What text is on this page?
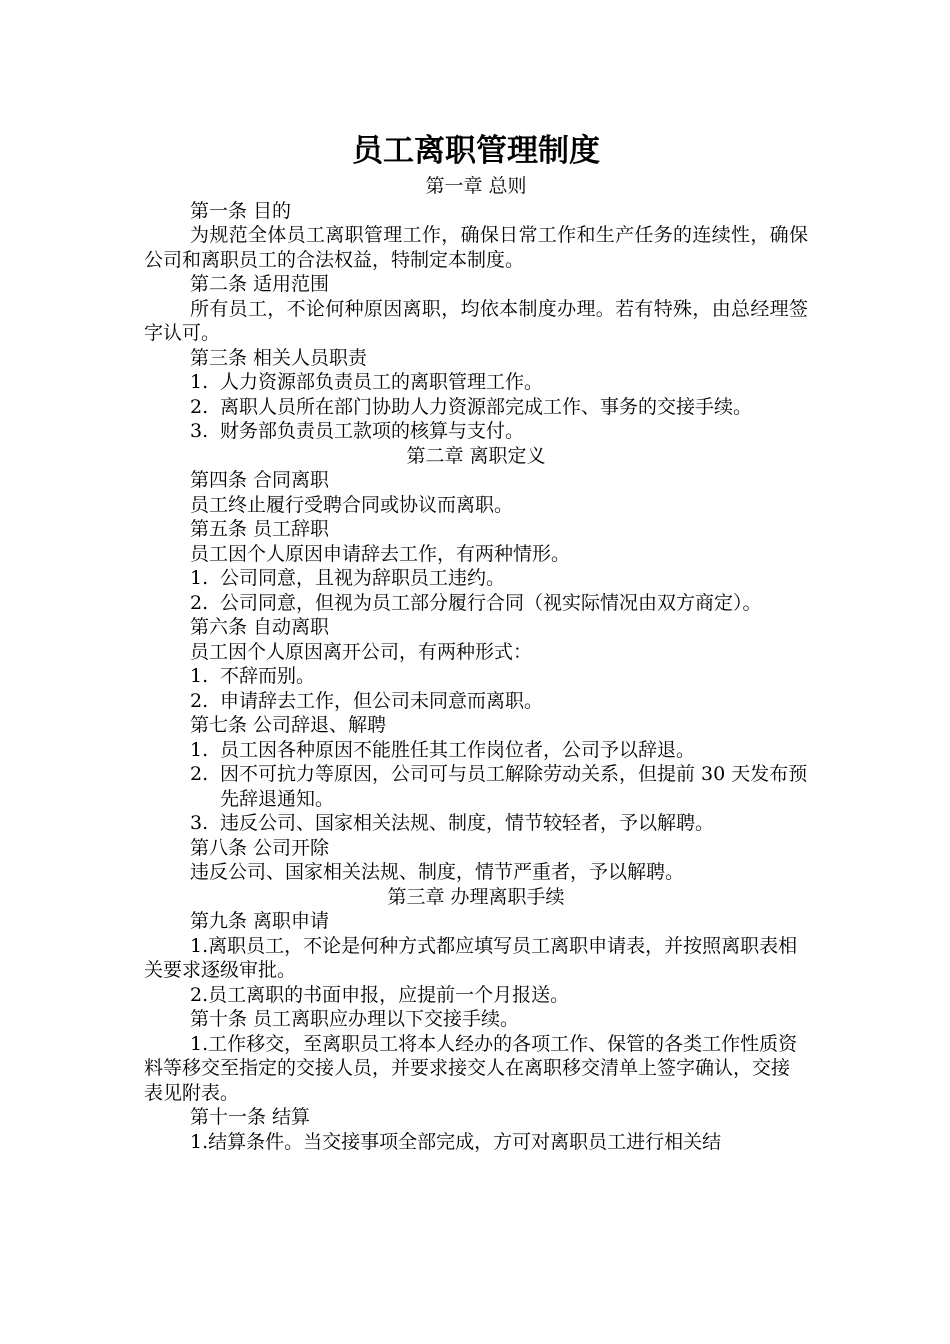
员工离职管理制度
第一章 总则
第一条 目的
为规范全体员工离职管理工作，确保日常工作和生产任务的连续性，确保公司和离职员工的合法权益，特制定本制度。
第二条 适用范围
所有员工，不论何种原因离职，均依本制度办理。若有特殊，由总经理签字认可。
第三条 相关人员职责
1. 人力资源部负责员工的离职管理工作。
2. 离职人员所在部门协助人力资源部完成工作、事务的交接手续。
3. 财务部负责员工款项的核算与支付。
第二章 离职定义
第四条 合同离职
员工终止履行受聘合同或协议而离职。
第五条 员工辞职
员工因个人原因申请辞去工作，有两种情形。
1. 公司同意，且视为辞职员工违约。
2. 公司同意，但视为员工部分履行合同（视实际情况由双方商定）。
第六条 自动离职
员工因个人原因离开公司，有两种形式：
1. 不辞而别。
2. 申请辞去工作，但公司未同意而离职。
第七条 公司辞退、解聘
1. 员工因各种原因不能胜任其工作岗位者，公司予以辞退。
2. 因不可抗力等原因，公司可与员工解除劳动关系，但提前 30 天发布预先辞退通知。
3. 违反公司、国家相关法规、制度，情节较轻者，予以解聘。
第八条 公司开除
违反公司、国家相关法规、制度，情节严重者，予以解聘。
第三章 办理离职手续
第九条 离职申请
1.离职员工，不论是何种方式都应填写员工离职申请表，并按照离职表相关要求逐级审批。
2.员工离职的书面申报，应提前一个月报送。
第十条 员工离职应办理以下交接手续。
1.工作移交，至离职员工将本人经办的各项工作、保管的各类工作性质资料等移交至指定的交接人员，并要求接交人在离职移交清单上签字确认，交接表见附表。
第十一条 结算
1.结算条件。当交接事项全部完成，方可对离职员工进行相关结
